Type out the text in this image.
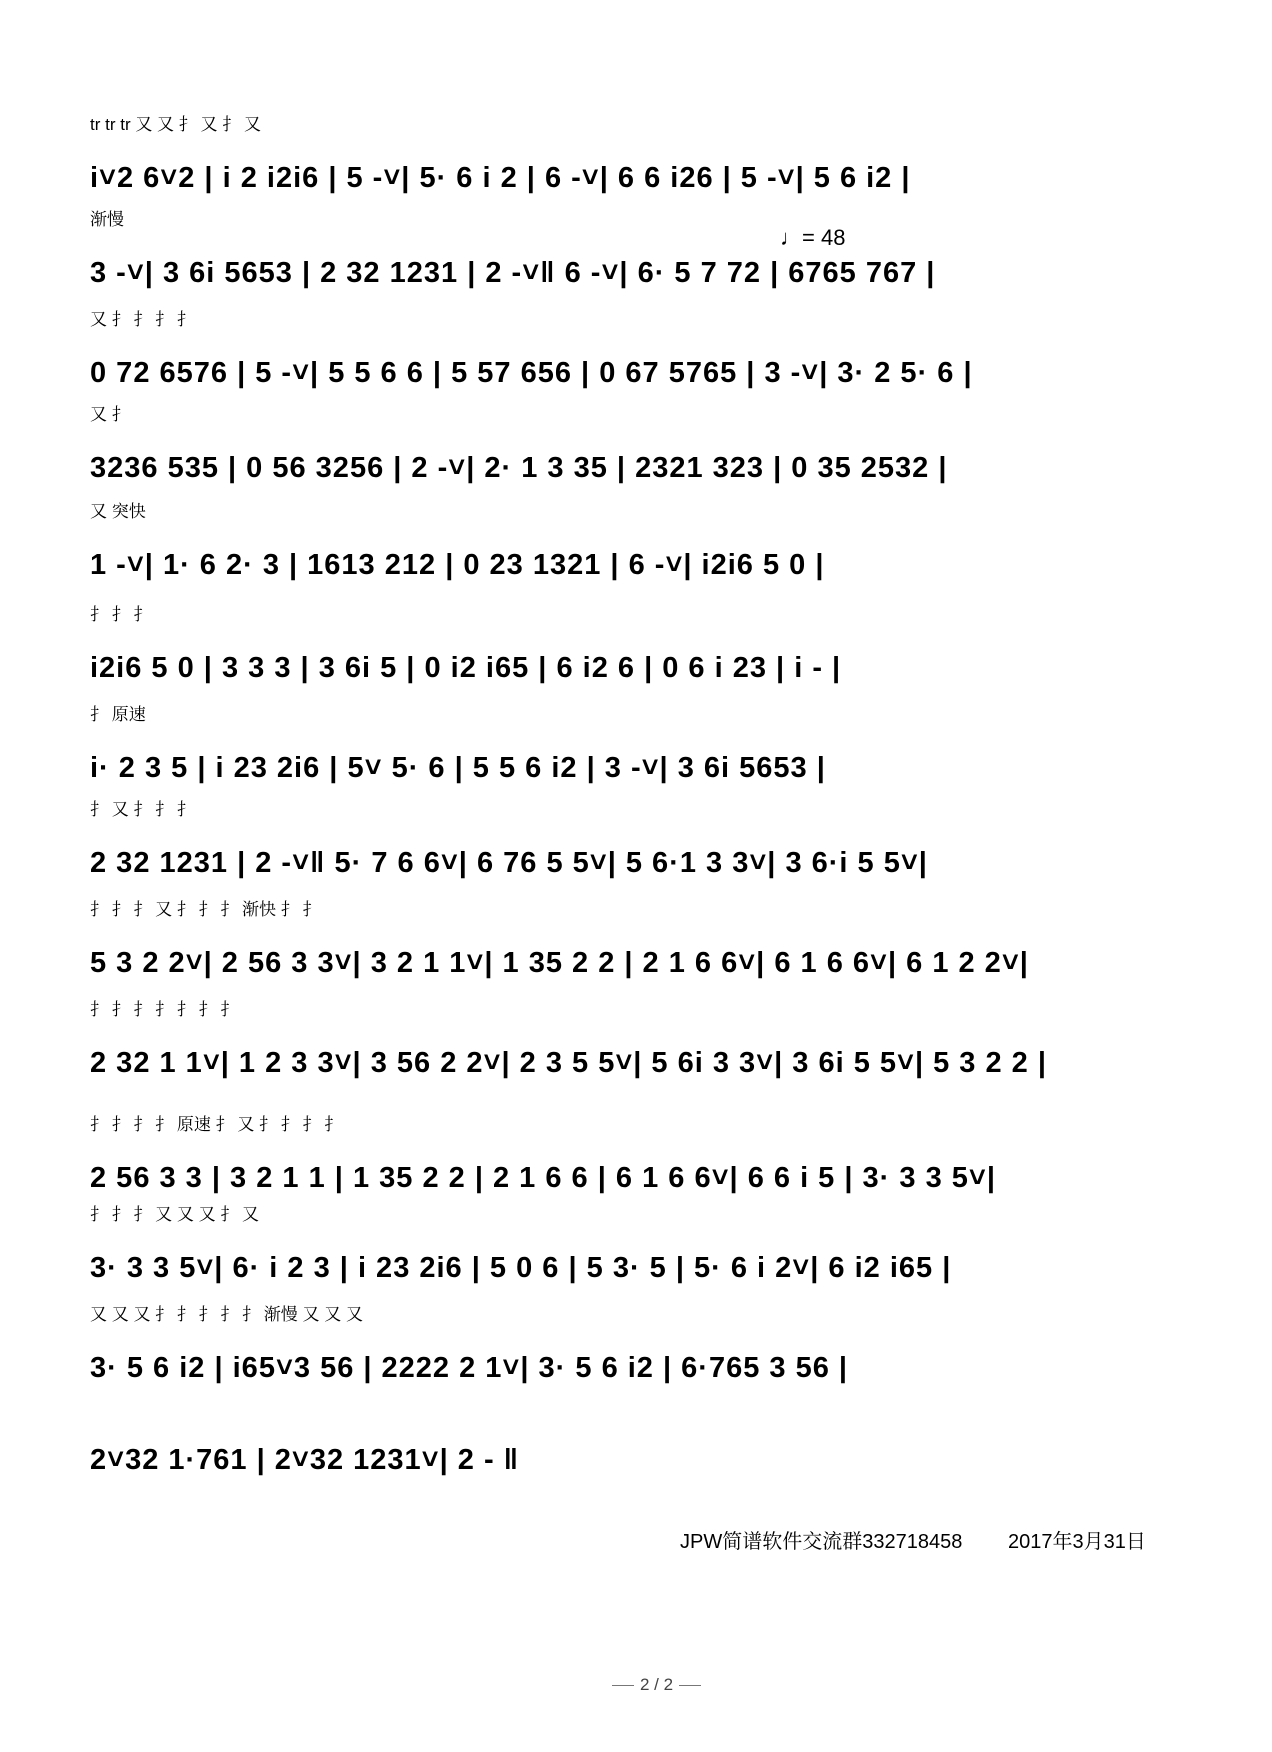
tr tr tr 又 又 扌 又 扌 又
i˅2 6˅2 | i 2 i2i6 | 5 -˅| 5· 6 i 2 | 6 -˅| 6 6 i26 | 5 -˅| 5 6 i2 |
渐慢
♩= 48
3 -˅| 3 6i 5653 | 2 32 1231 | 2 -˅‖ 6 -˅| 6· 5 7 72 | 6765 767 |
又 扌 扌 扌 扌
0 72 6576 | 5 -˅| 5 5 6 6 | 5 57 656 | 0 67 5765 | 3 -˅| 3· 2 5· 6 |
又 扌
3236 535 | 0 56 3256 | 2 -˅| 2· 1 3 35 | 2321 323 | 0 35 2532 |
又 突快
1 -˅| 1· 6 2· 3 | 1613 212 | 0 23 1321 | 6 -˅| i2i6 5 0 |
扌 扌 扌
i2i6 5 0 | 3 3 3 | 3 6i 5 | 0 i2 i65 | 6 i2 6 | 0 6 i 23 | i - |
扌 原速
i· 2 3 5 | i 23 2i6 | 5˅ 5· 6 | 5 5 6 i2 | 3 -˅| 3 6i 5653 |
扌 又 扌 扌 扌
2 32 1231 | 2 -˅‖ 5· 7 6 6˅| 6 76 5 5˅| 5 6·1 3 3˅| 3 6·i 5 5˅|
扌 扌 扌 又 扌 扌 扌 渐快 扌 扌
5 3 2 2˅| 2 56 3 3˅| 3 2 1 1˅| 1 35 2 2 | 2 1 6 6˅| 6 1 6 6˅| 6 1 2 2˅|
扌 扌 扌 扌 扌 扌 扌
2 32 1 1˅| 1 2 3 3˅| 3 56 2 2˅| 2 3 5 5˅| 5 6i 3 3˅| 3 6i 5 5˅| 5 3 2 2 |
扌 扌 扌 扌 原速 扌 又 扌 扌 扌 扌
2 56 3 3 | 3 2 1 1 | 1 35 2 2 | 2 1 6 6 | 6 1 6 6˅| 6 6 i 5 | 3· 3 3 5˅|
扌 扌 扌 又 又 又 扌 又
3· 3 3 5˅| 6· i 2 3 | i 23 2i6 | 5 0 6 | 5 3· 5 | 5· 6 i 2˅| 6 i2 i65 |
又 又 又 扌 扌 扌 扌 扌 渐慢 又 又 又
3· 5 6 i2 | i65˅3 56 | 2222 2 1˅| 3· 5 6 i2 | 6·765 3 56 |
2˅32 1·761 | 2˅32 1231˅| 2 - ‖
JPW简谱软件交流群332718458 2017年3月31日
2 / 2
